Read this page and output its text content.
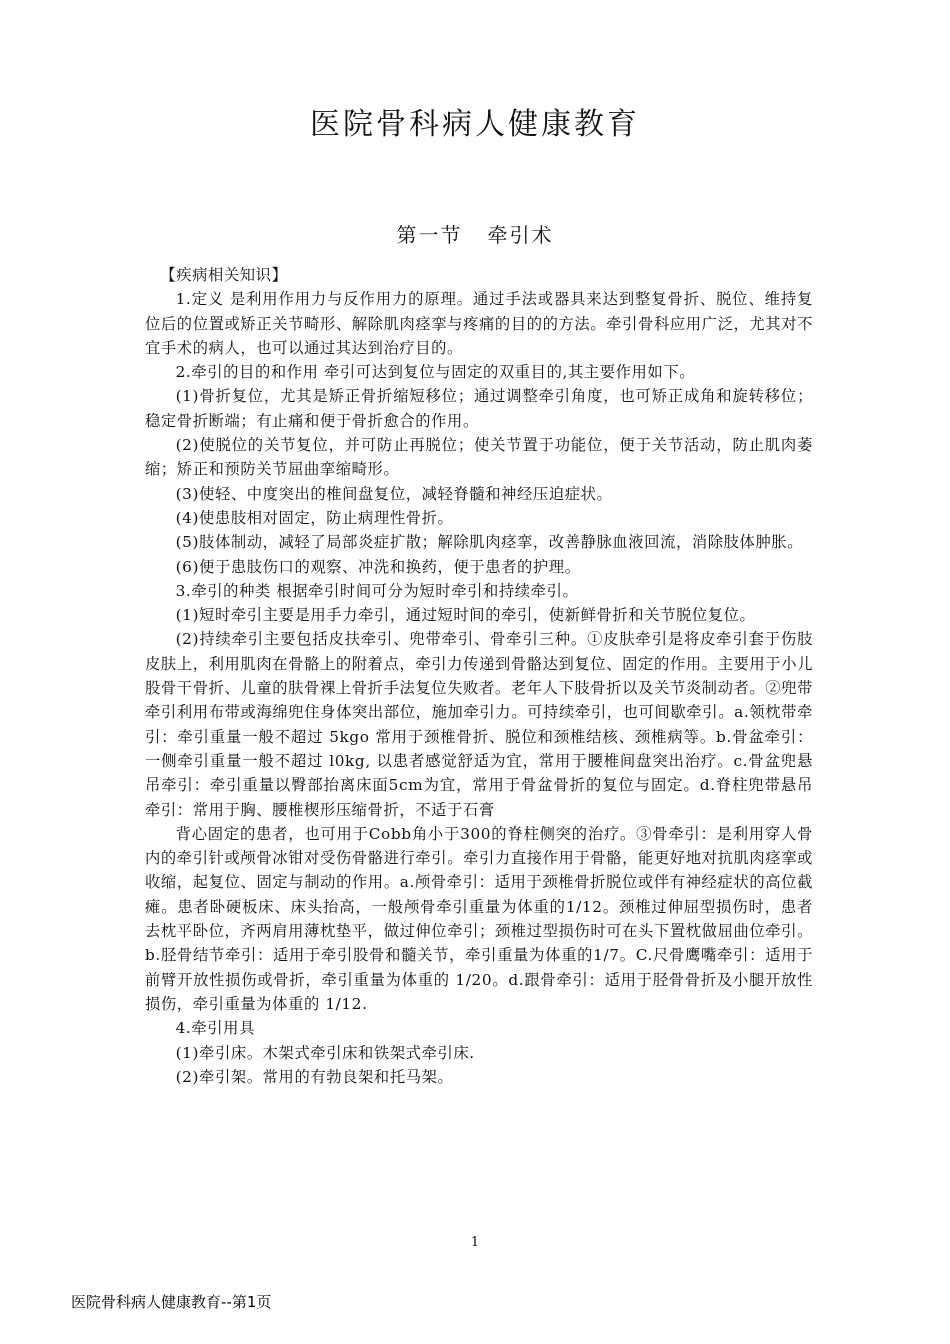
医院骨科病人健康教育
第一节   牵引术

【疾病相关知识】

1.定义 是利用作用力与反作用力的原理。通过手法或器具来达到整复骨折、脱位、维持复位后的位置或矫正关节畸形、解除肌肉痉挛与疼痛的目的的方法。牵引骨科应用广泛，尤其对不宜手术的病人，也可以通过其达到治疗目的。

2.牵引的目的和作用 牵引可达到复位与固定的双重目的,其主要作用如下。

(1)骨折复位，尤其是矫正骨折缩短移位；通过调整牵引角度，也可矫正成角和旋转移位；稳定骨折断端；有止痛和便于骨折愈合的作用。

(2)使脱位的关节复位，并可防止再脱位；使关节置于功能位，便于关节活动，防止肌肉萎缩；矫正和预防关节屈曲挛缩畸形。

(3)使轻、中度突出的椎间盘复位，减轻脊髓和神经压迫症状。

(4)使患肢相对固定，防止病理性骨折。

(5)肢体制动，减轻了局部炎症扩散；解除肌肉痉挛，改善静脉血液回流，消除肢体肿胀。

(6)便于患肢伤口的观察、冲洗和换药，便于患者的护理。

3.牵引的种类 根据牵引时间可分为短时牵引和持续牵引。

(1)短时牵引主要是用手力牵引，通过短时间的牵引，使新鲜骨折和关节脱位复位。

(2)持续牵引主要包括皮扶牵引、兜带牵引、骨牵引三种。①皮肤牵引是将皮牵引套于伤肢皮肤上，利用肌肉在骨骼上的附着点，牵引力传递到骨骼达到复位、固定的作用。主要用于小儿股骨干骨折、儿童的肤骨裸上骨折手法复位失败者。老年人下肢骨折以及关节炎制动者。②兜带牵引利用布带或海绵兜住身体突出部位，施加牵引力。可持续牵引，也可间歇牵引。a.领枕带牵引：牵引重量一般不超过 5kgo 常用于颈椎骨折、脱位和颈椎结核、颈椎病等。b.骨盆牵引：一侧牵引重量一般不超过 l0kg, 以患者感觉舒适为宜，常用于腰椎间盘突出治疗。c.骨盆兜悬吊牵引：牵引重量以臀部抬离床面5cm为宜，常用于骨盆骨折的复位与固定。d.脊柱兜带悬吊牵引：常用于胸、腰椎楔形压缩骨折，不适于石膏

背心固定的患者，也可用于Cobb角小于300的脊柱侧突的治疗。③骨牵引：是利用穿人骨内的牵引针或颅骨冰钳对受伤骨骼进行牵引。牵引力直接作用于骨骼，能更好地对抗肌肉痉挛或收缩，起复位、固定与制动的作用。a.颅骨牵引：适用于颈椎骨折脱位或伴有神经症状的高位截瘫。患者卧硬板床、床头抬高，一般颅骨牵引重量为体重的1/12。颈椎过伸屈型损伤时，患者去枕平卧位，齐两肩用薄枕垫平，做过伸位牵引；颈椎过型损伤时可在头下置枕做屈曲位牵引。b.胫骨结节牵引：适用于牵引股骨和髓关节，牵引重量为体重的1/7。C.尺骨鹰嘴牵引：适用于前臂开放性损伤或骨折，牵引重量为体重的 1/20。d.跟骨牵引：适用于胫骨骨折及小腿开放性损伤，牵引重量为体重的 1/12.

4.牵引用具

(1)牵引床。木架式牵引床和铁架式牵引床.

(2)牵引架。常用的有勃良架和托马架。

1
医院骨科病人健康教育--第1页
